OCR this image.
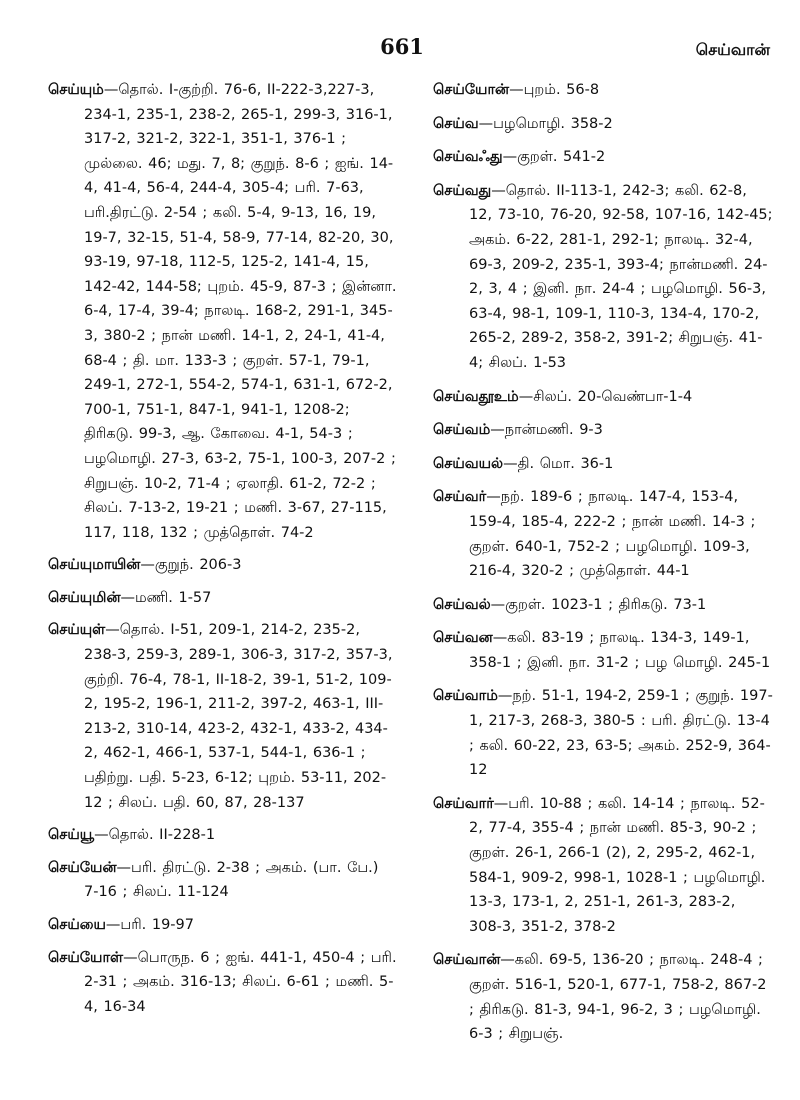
661	செய்வான்

செய்யும்—தொல். I-குற்றி. 76-6, II-222-3,227-3, 234-1, 235-1, 238-2, 265-1, 299-3, 316-1, 317-2, 321-2, 322-1, 351-1, 376-1 ; முல்லை. 46; மது. 7, 8; குறுந். 8-6 ; ஐங். 14-4, 41-4, 56-4, 244-4, 305-4; பரி. 7-63, பரி.திரட்டு. 2-54 ; கலி. 5-4, 9-13, 16, 19, 19-7, 32-15, 51-4, 58-9, 77-14, 82-20, 30, 93-19, 97-18, 112-5, 125-2, 141-4, 15, 142-42, 144-58; புறம். 45-9, 87-3 ; இன்னா. 6-4, 17-4, 39-4; நாலடி. 168-2, 291-1, 345-3, 380-2 ; நான் மணி. 14-1, 2, 24-1, 41-4, 68-4 ; தி. மா. 133-3 ; குறள். 57-1, 79-1, 249-1, 272-1, 554-2, 574-1, 631-1, 672-2, 700-1, 751-1, 847-1, 941-1, 1208-2; திரிகடு. 99-3, ஆ. கோவை. 4-1, 54-3 ; பழமொழி. 27-3, 63-2, 75-1, 100-3, 207-2 ; சிறுபஞ். 10-2, 71-4 ; ஏலாதி. 61-2, 72-2 ; சிலப். 7-13-2, 19-21 ; மணி. 3-67, 27-115, 117, 118, 132 ; முத்தொள். 74-2

செய்யுமாயின்—குறுந். 206-3

செய்யுமின்—மணி. 1-57

செய்யுள்—தொல். I-51, 209-1, 214-2, 235-2, 238-3, 259-3, 289-1, 306-3, 317-2, 357-3, குற்றி. 76-4, 78-1, II-18-2, 39-1, 51-2, 109-2, 195-2, 196-1, 211-2, 397-2, 463-1, III-213-2, 310-14, 423-2, 432-1, 433-2, 434-2, 462-1, 466-1, 537-1, 544-1, 636-1 ; பதிற்று. பதி. 5-23, 6-12; புறம். 53-11, 202-12 ; சிலப். பதி. 60, 87, 28-137

செய்யூ—தொல். II-228-1

செய்யேன்—பரி. திரட்டு. 2-38 ; அகம். (பா. பே.) 7-16 ; சிலப். 11-124

செய்யை—பரி. 19-97

செய்யோள்—பொருந. 6 ; ஐங். 441-1, 450-4 ; பரி. 2-31 ; அகம். 316-13; சிலப். 6-61 ; மணி. 5-4, 16-34

செய்யோன்—புறம். 56-8

செய்வ—பழமொழி. 358-2

செய்வஃது—குறள். 541-2

செய்வது—தொல். II-113-1, 242-3; கலி. 62-8, 12, 73-10, 76-20, 92-58, 107-16, 142-45; அகம். 6-22, 281-1, 292-1; நாலடி. 32-4, 69-3, 209-2, 235-1, 393-4; நான்மணி. 24-2, 3, 4 ; இனி. நா. 24-4 ; பழமொழி. 56-3, 63-4, 98-1, 109-1, 110-3, 134-4, 170-2, 265-2, 289-2, 358-2, 391-2; சிறுபஞ். 41-4; சிலப். 1-53

செய்வதூஉம்—சிலப். 20-வெண்பா-1-4

செய்வம்—நான்மணி. 9-3

செய்வயல்—தி. மொ. 36-1

செய்வர்—நற். 189-6 ; நாலடி. 147-4, 153-4, 159-4, 185-4, 222-2 ; நான் மணி. 14-3 ; குறள். 640-1, 752-2 ; பழமொழி. 109-3, 216-4, 320-2 ; முத்தொள். 44-1

செய்வல்—குறள். 1023-1 ; திரிகடு. 73-1

செய்வன—கலி. 83-19 ; நாலடி. 134-3, 149-1, 358-1 ; இனி. நா. 31-2 ; பழ மொழி. 245-1

செய்வாம்—நற். 51-1, 194-2, 259-1 ; குறுந். 197-1, 217-3, 268-3, 380-5 : பரி. திரட்டு. 13-4 ; கலி. 60-22, 23, 63-5; அகம். 252-9, 364-12

செய்வார்—பரி. 10-88 ; கலி. 14-14 ; நாலடி. 52-2, 77-4, 355-4 ; நான் மணி. 85-3, 90-2 ; குறள். 26-1, 266-1 (2), 2, 295-2, 462-1, 584-1, 909-2, 998-1, 1028-1 ; பழமொழி. 13-3, 173-1, 2, 251-1, 261-3, 283-2, 308-3, 351-2, 378-2

செய்வான்—கலி. 69-5, 136-20 ; நாலடி. 248-4 ; குறள். 516-1, 520-1, 677-1, 758-2, 867-2 ; திரிகடு. 81-3, 94-1, 96-2, 3 ; பழமொழி. 6-3 ; சிறுபஞ்.
